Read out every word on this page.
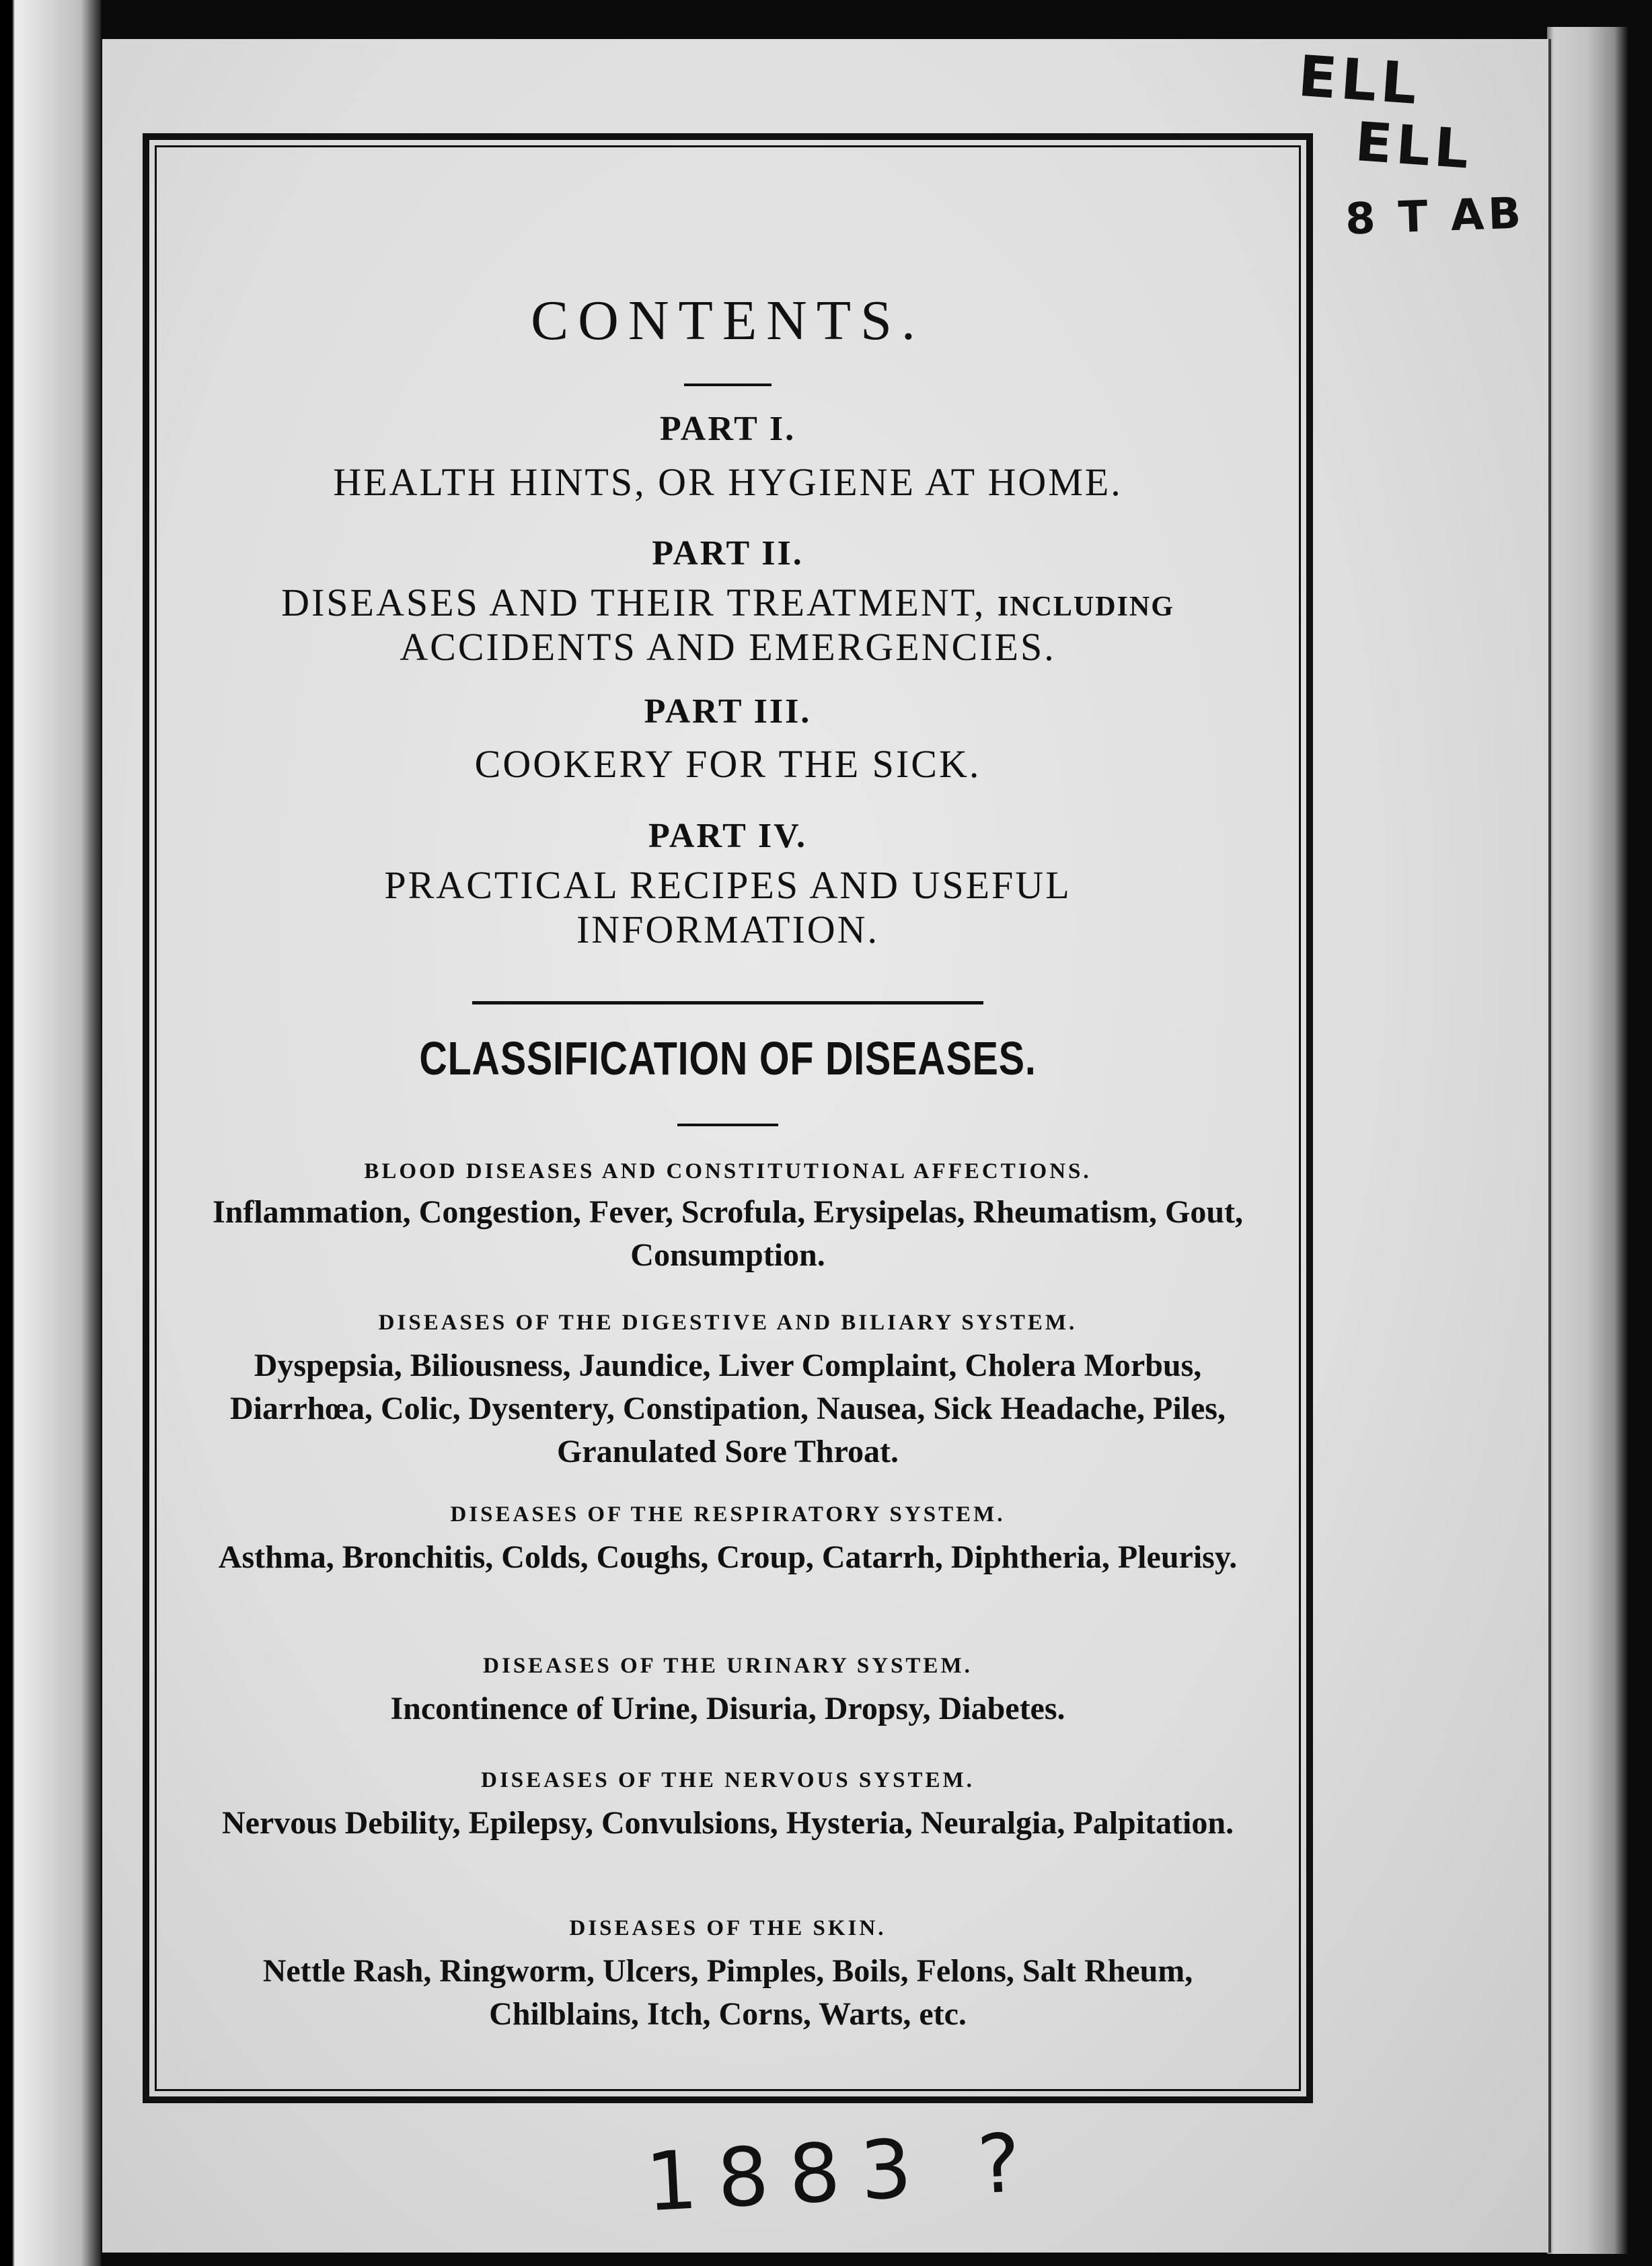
ELL
ELL
8 T AB
CONTENTS.
PART I.
HEALTH HINTS, OR HYGIENE AT HOME.
PART II.
DISEASES AND THEIR TREATMENT, INCLUDING
ACCIDENTS AND EMERGENCIES.
PART III.
COOKERY FOR THE SICK.
PART IV.
PRACTICAL RECIPES AND USEFUL
INFORMATION.
CLASSIFICATION OF DISEASES.
BLOOD DISEASES AND CONSTITUTIONAL AFFECTIONS.
Inflammation, Congestion, Fever, Scrofula, Erysipelas, Rheumatism, Gout, Consumption.
DISEASES OF THE DIGESTIVE AND BILIARY SYSTEM.
Dyspepsia, Biliousness, Jaundice, Liver Complaint, Cholera Morbus, Diarrhœa, Colic, Dysentery, Constipation, Nausea, Sick Headache, Piles, Granulated Sore Throat.
DISEASES OF THE RESPIRATORY SYSTEM.
Asthma, Bronchitis, Colds, Coughs, Croup, Catarrh, Diphtheria, Pleurisy.
DISEASES OF THE URINARY SYSTEM.
Incontinence of Urine, Disuria, Dropsy, Diabetes.
DISEASES OF THE NERVOUS SYSTEM.
Nervous Debility, Epilepsy, Convulsions, Hysteria, Neuralgia, Palpitation.
DISEASES OF THE SKIN.
Nettle Rash, Ringworm, Ulcers, Pimples, Boils, Felons, Salt Rheum, Chilblains, Itch, Corns, Warts, etc.
1883 ?
